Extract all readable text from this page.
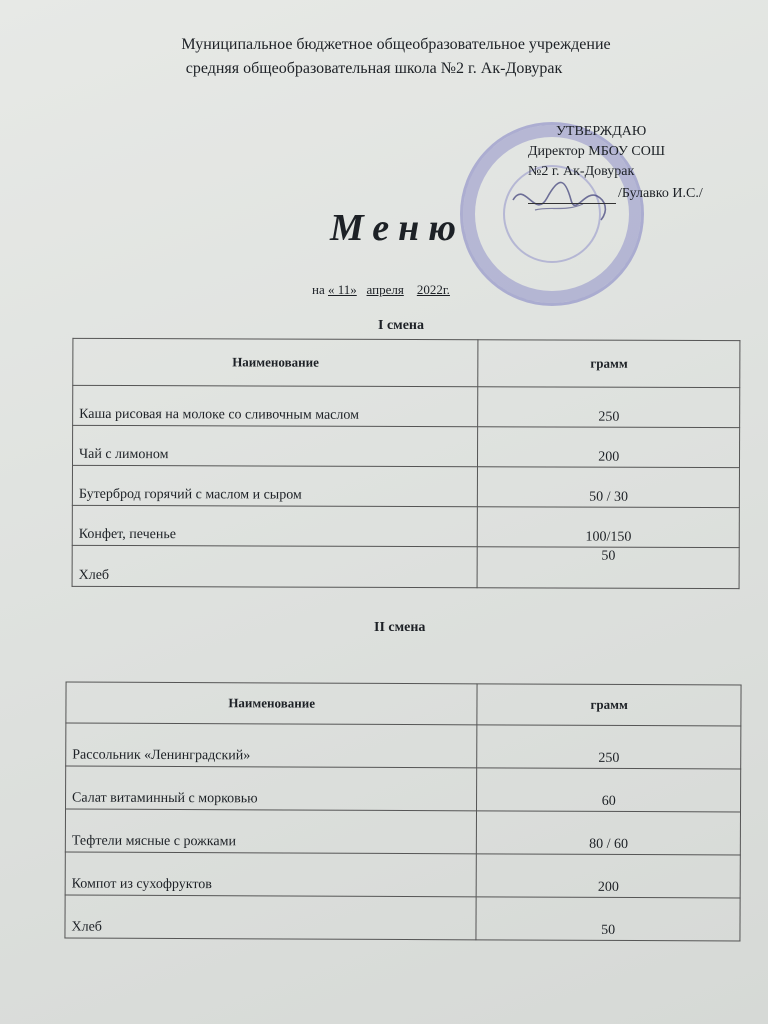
Муниципальное бюджетное общеобразовательное учреждение
средняя общеобразовательная школа №2 г. Ак-Довурак
УТВЕРЖДАЮ
Директор МБОУ СОШ
№2 г. Ак-Довурак
/Булавко И.С./
Меню
на « 11» апреля 2022г.
I смена
Наименование	грамм
Каша рисовая на молоке со сливочным маслом	250
Чай с лимоном	200
Бутерброд горячий с маслом и сыром	50 / 30
Конфет, печенье	100/150
Хлеб	50
II смена
Наименование	грамм
Рассольник «Ленинградский»	250
Салат витаминный с морковью	60
Тефтели мясные с рожками	80 / 60
Компот из сухофруктов	200
Хлеб	50
